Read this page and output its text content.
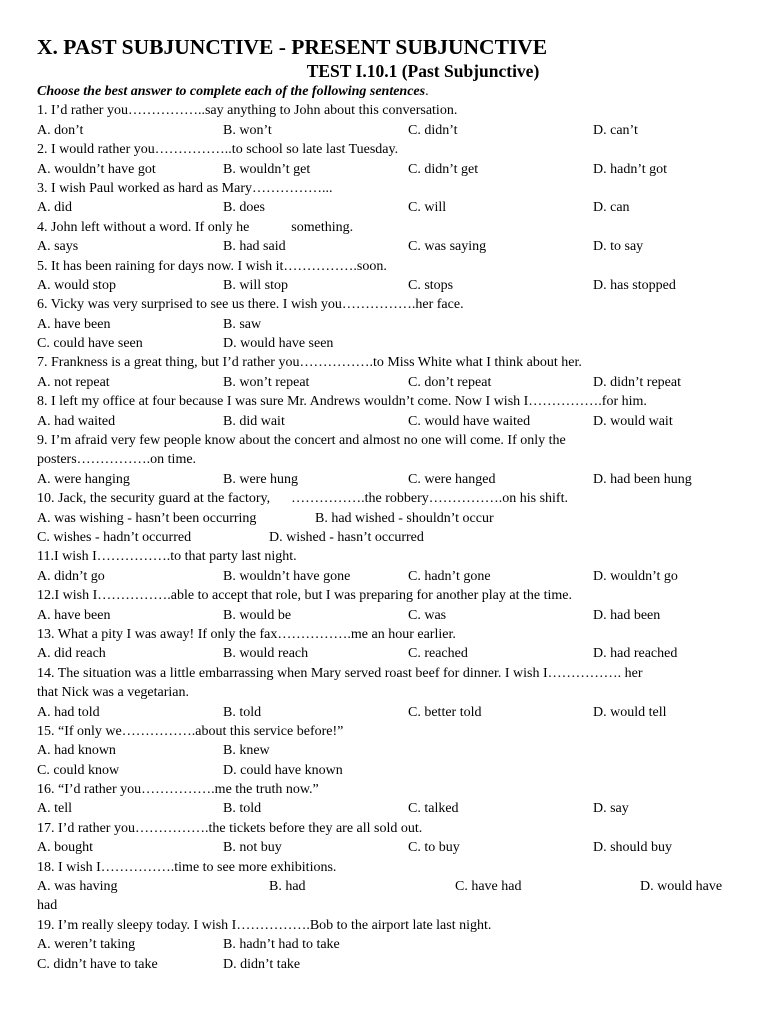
X. PAST SUBJUNCTIVE - PRESENT SUBJUNCTIVE
TEST I.10.1 (Past Subjunctive)
Choose the best answer to complete each of the following sentences.
1. I’d rather you……………..say anything to John about this conversation.
A. don’t	B. won’t	C. didn’t	D. can’t
2. I would rather you……………..to school so late last Tuesday.
A. wouldn’t have got	B. wouldn’t get	C. didn’t get	D. hadn’t got
3. I wish Paul worked as hard as Mary……………...
A. did	B. does	C. will	D. can
4. John left without a word. If only he            something.
A. says	B. had said	C. was saying	D. to say
5. It has been raining for days now. I wish it…………….soon.
A. would stop	B. will stop	C. stops	D. has stopped
6. Vicky was very surprised to see us there. I wish you…………….her face.
A. have been	B. saw
C. could have seen	D. would have seen
7. Frankness is a great thing, but I’d rather you…………….to Miss White what I think about her.
A. not repeat	B. won’t repeat	C. don’t repeat	D. didn’t repeat
8. I left my office at four because I was sure Mr. Andrews wouldn’t come. Now I wish I…………….for him.
A. had waited	B. did wait	C. would have waited	D. would wait
9. I’m afraid very few people know about the concert and almost no one will come. If only the
posters…………….on time.
A. were hanging	B. were hung	C. were hanged	D. had been hung
10. Jack, the security guard at the factory,      …………….the robbery…………….on his shift.
A. was wishing - hasn’t been occurring	B. had wished - shouldn’t occur
C. wishes - hadn’t occurred	D. wished - hasn’t occurred
11.I wish I…………….to that party last night.
A. didn’t go	B. wouldn’t have gone	C. hadn’t gone	D. wouldn’t go
12.I wish I…………….able to accept that role, but I was preparing for another play at the time.
A. have been	B. would be	C. was	D. had been
13. What a pity I was away! If only the fax…………….me an hour earlier.
A. did reach	B. would reach	C. reached	D. had reached
14. The situation was a little embarrassing when Mary served roast beef for dinner. I wish I……………. her
that Nick was a vegetarian.
A. had told	B. told	C. better told	D. would tell
15. “If only we…………….about this service before!”
A. had known	B. knew
C. could know	D. could have known
16. “I’d rather you…………….me the truth now.”
A. tell	B. told	C. talked	D. say
17. I’d rather you…………….the tickets before they are all sold out.
A. bought	B. not buy	C. to buy	D. should buy
18. I wish I…………….time to see more exhibitions.
A. was having	B. had	C. have had	D. would have
had
19. I’m really sleepy today. I wish I…………….Bob to the airport late last night.
A. weren’t taking	B. hadn’t had to take
C. didn’t have to take	D. didn’t take
